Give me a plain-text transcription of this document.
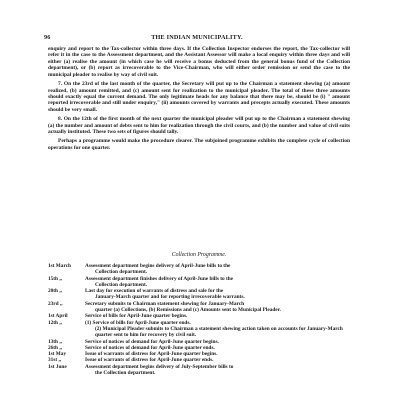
96	THE INDIAN MUNICIPALITY.

enquiry and report to the Tax-collector within three days. If the Collection Inspector endorses the report, the Tax-collector will refer it in the case to the Assessment department, and the Assistant Assessor will make a local enquiry within three days and will either (a) realise the amount (in which case he will receive a bonus deducted from the general bonus fund of the Collection department), or (b) report as irrecoverable to the Vice-Chairman, who will either order remission or send the case to the municipal pleader to realise by way of civil suit.

7. On the 23rd of the last month of the quarter, the Secretary will put up to the Chairman a statement shewing (a) amount realized, (b) amount remitted, and (c) amount sent for realization to the municipal pleader. The total of these three amounts should exactly equal the current demand. The only legitimate heads for any balance that there may be, should be (i) " amount reported irrecoverable and still under enquiry," (ii) amounts covered by warrants and precepts actually executed. These amounts should be very small.

8. On the 12th of the first month of the next quarter the municipal pleader will put up to the Chairman a statement shewing (a) the number and amount of debts sent to him for realization through the civil courts, and (b) the number and value of civil suits actually instituted. These two sets of figures should tally.

Perhaps a programme would make the procedure clearer. The subjoined programme exhibits the complete cycle of collection operations for one quarter.

Collection Programme.
1st March	Assessment department begins delivery of April-June bills to the
Collection department.
15th ,,	Assessment department finishes delivery of April-June bills to the
Collection department.
20th ,,	Last day for execution of warrants of distress and sale for the
January-March quarter and for reporting irrecoverable warrants.
23rd ,,	Secretary submits to Chairman statement shewing for January-March
quarter (a) Collections, (b) Remissions and (c) Amounts sent to Municipal Pleader.
1st April	Service of bills for April-June quarter begins.
12th ,,	(1) Service of bills for April-June quarter ends.
(2) Municipal Pleader submits to Chairman a statement shewing action taken on accounts for January-March quarter sent to him for recovery by civil suit.
13th ,,	Service of notices of demand for April-June quarter begins.
26th ,,	Service of notices of demand for April-June quarter ends.
1st May	Issue of warrants of distress for April-June quarter begins.
31st ,,	Issue of warrants of distress for April-June quarter ends.
1st June	Assessment department begins delivery of July-September bills to
the Collection department.
